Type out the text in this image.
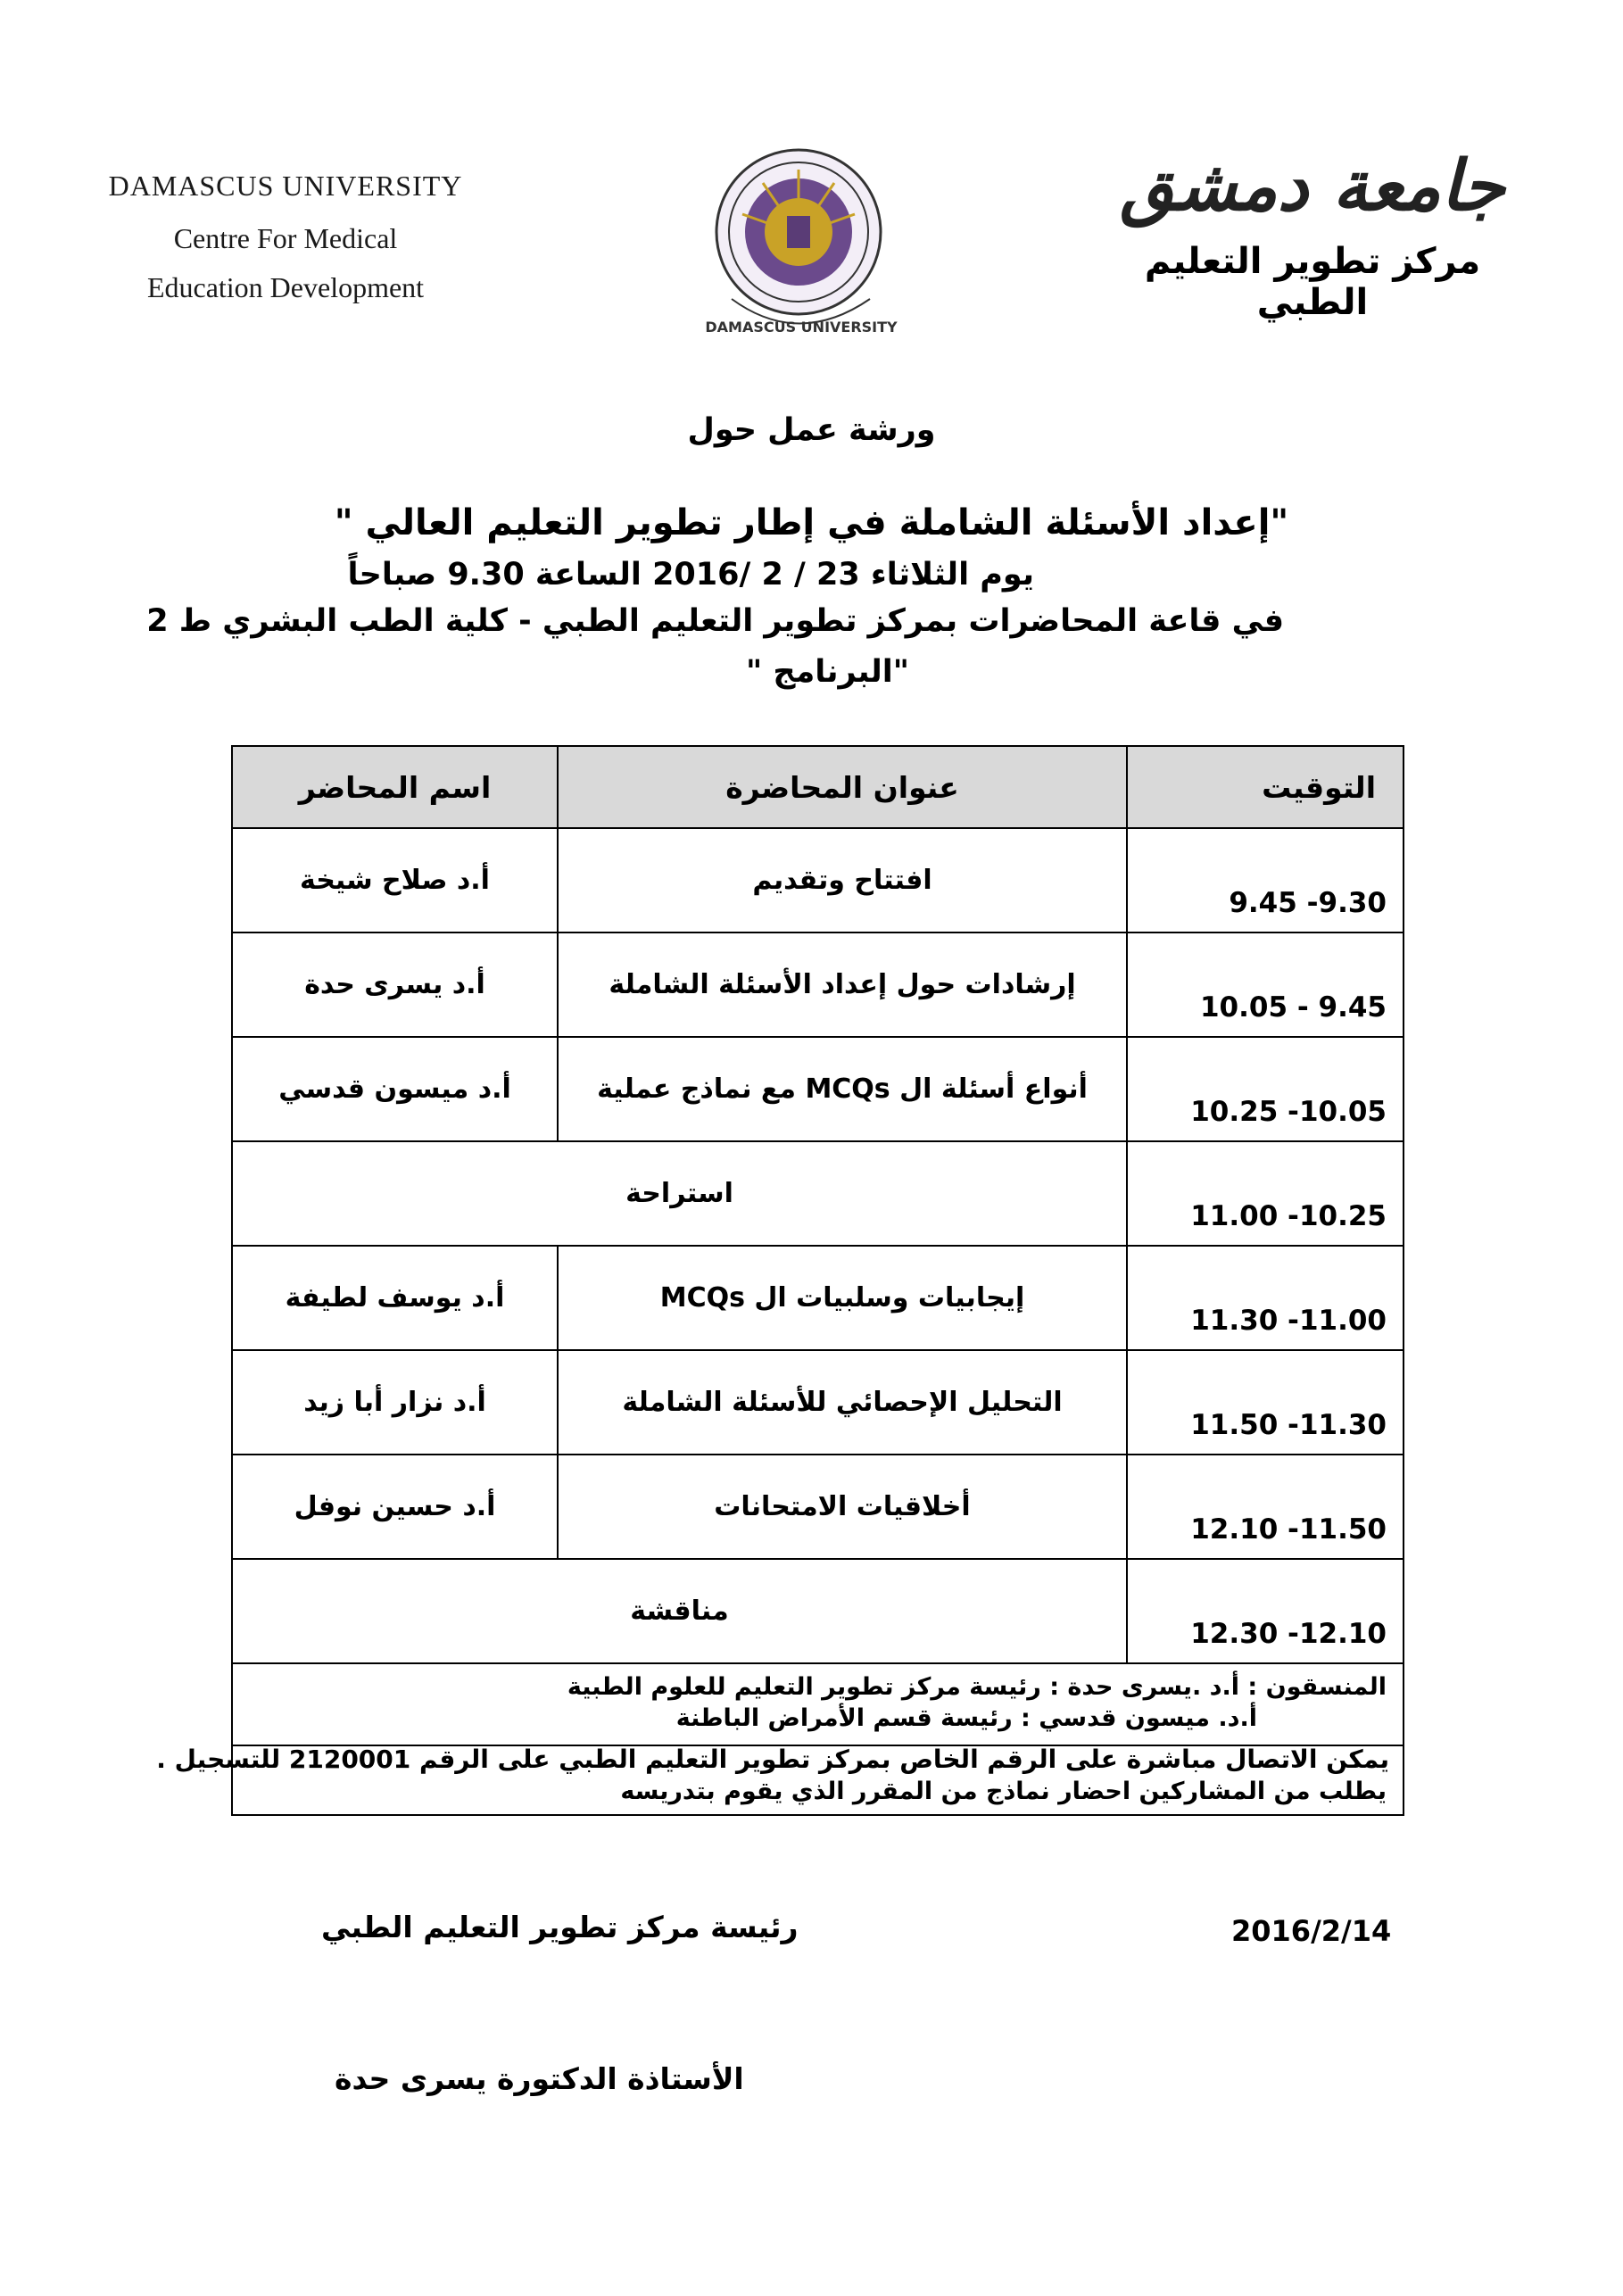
DAMASCUS UNIVERSITY
Centre For Medical
Education Development
DAMASCUS UNIVERSITY
جامعة دمشق
مركز تطوير التعليم الطبي
ورشة عمل حول
"إعداد الأسئلة الشاملة في إطار تطوير التعليم العالي "
يوم الثلاثاء 23 / 2 /2016 الساعة 9.30 صباحاً
في قاعة المحاضرات بمركز تطوير التعليم الطبي - كلية الطب البشري ط 2
"البرنامج "
التوقيت	عنوان المحاضرة	اسم المحاضر
9.30- 9.45	افتتاح وتقديم	أ.د صلاح شيخة
9.45 - 10.05	إرشادات حول إعداد الأسئلة الشاملة	أ.د يسرى حدة
10.05- 10.25	أنواع أسئلة ال MCQs مع نماذج عملية	أ.د ميسون قدسي
10.25- 11.00	استراحة	
11.00- 11.30	إيجابيات وسلبيات ال MCQs	أ.د يوسف لطيفة
11.30- 11.50	التحليل الإحصائي للأسئلة الشاملة	أ.د نزار أبا زيد
11.50- 12.10	أخلاقيات الامتحانات	أ.د حسين نوفل
12.10- 12.30	مناقشة	

المنسقون : أ.د .يسرى حدة : رئيسة مركز تطوير التعليم للعلوم الطبية
أ.د. ميسون قدسي : رئيسة قسم الأمراض الباطنة		

يطلب من المشاركين احضار نماذج من المقرر الذي يقوم بتدريسه		
يمكن الاتصال مباشرة على الرقم الخاص بمركز تطوير التعليم الطبي على الرقم 2120001 للتسجيل .
2016/2/14
رئيسة مركز تطوير التعليم الطبي
الأستاذة الدكتورة يسرى حدة
